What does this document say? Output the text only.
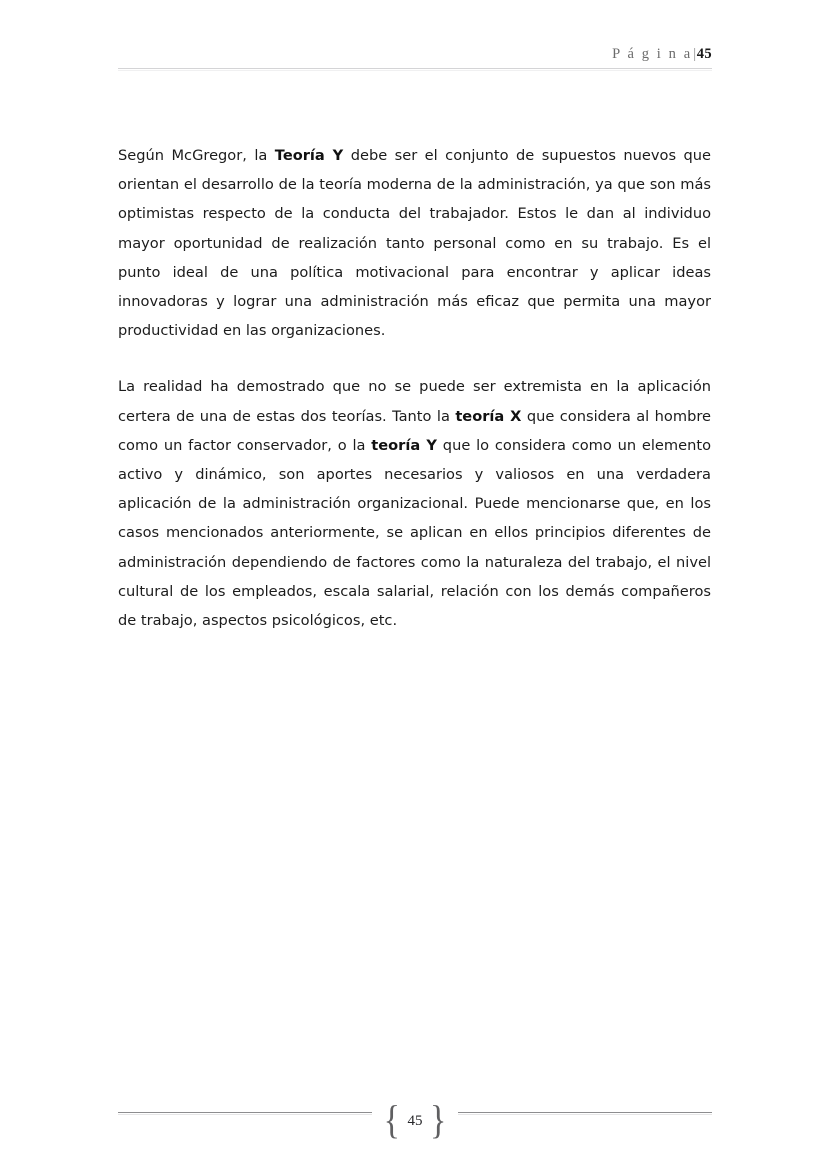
P á g i n a|45

Según McGregor, la Teoría Y debe ser el conjunto de supuestos nuevos que orientan el desarrollo de la teoría moderna de la administración, ya que son más optimistas respecto de la conducta del trabajador. Estos le dan al individuo mayor oportunidad de realización tanto personal como en su trabajo. Es el punto ideal de una política motivacional para encontrar y aplicar ideas innovadoras y lograr una administración más eficaz que permita una mayor productividad en las organizaciones.

La realidad ha demostrado que no se puede ser extremista en la aplicación certera de una de estas dos teorías. Tanto la teoría X que considera al hombre como un factor conservador, o la teoría Y que lo considera como un elemento activo y dinámico, son aportes necesarios y valiosos en una verdadera aplicación de la administración organizacional. Puede mencionarse que, en los casos mencionados anteriormente, se aplican en ellos principios diferentes de administración dependiendo de factores como la naturaleza del trabajo, el nivel cultural de los empleados, escala salarial, relación con los demás compañeros de trabajo, aspectos psicológicos, etc.

{ 45 }
